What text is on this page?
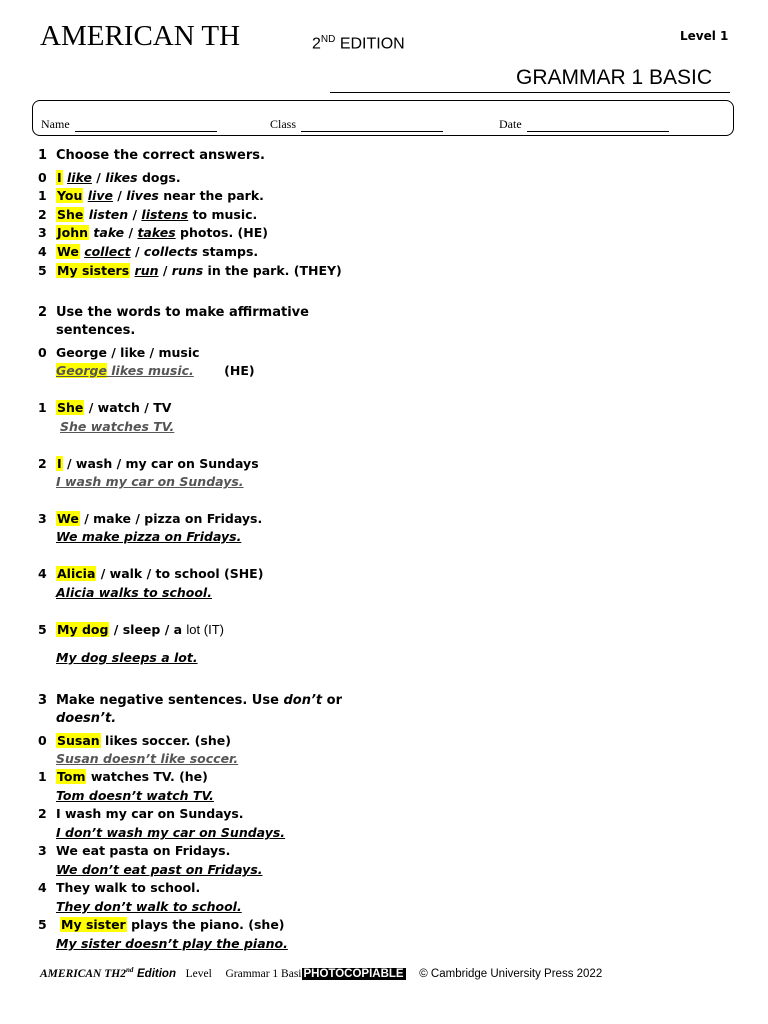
AMERICAN TH	2ND EDITION	Level 1
GRAMMAR 1 BASIC
Name	Class	Date
1 Choose the correct answers.
0 I like / likes dogs.
1 You live / lives near the park.
2 She listen / listens to music.
3 John take / takes photos. (HE)
4 We collect / collects stamps.
5 My sisters run / runs in the park. (THEY)
2 Use the words to make affirmative
sentences.
0 George / like / music
George likes music. (HE)
1 She / watch / TV
She watches TV.
2 I / wash / my car on Sundays
I wash my car on Sundays.
3 We / make / pizza on Fridays.
We make pizza on Fridays.
4 Alicia / walk / to school (SHE)
Alicia walks to school.
5 My dog / sleep / a lot (IT)
My dog sleeps a lot.
3 Make negative sentences. Use don’t or
doesn’t.
0 Susan likes soccer. (she)
Susan doesn’t like soccer.
1 Tom watches TV. (he)
Tom doesn’t watch TV.
2 I wash my car on Sundays.
I don’t wash my car on Sundays.
3 We eat pasta on Fridays.
We don’t eat past on Fridays.
4 They walk to school.
They don’t walk to school.
5 My sister plays the piano. (she)
My sister doesn’t play the piano.
AMERICAN TH2nd Edition Level Grammar 1 Basi PHOTOCOPIABLE © Cambridge University Press 2022
